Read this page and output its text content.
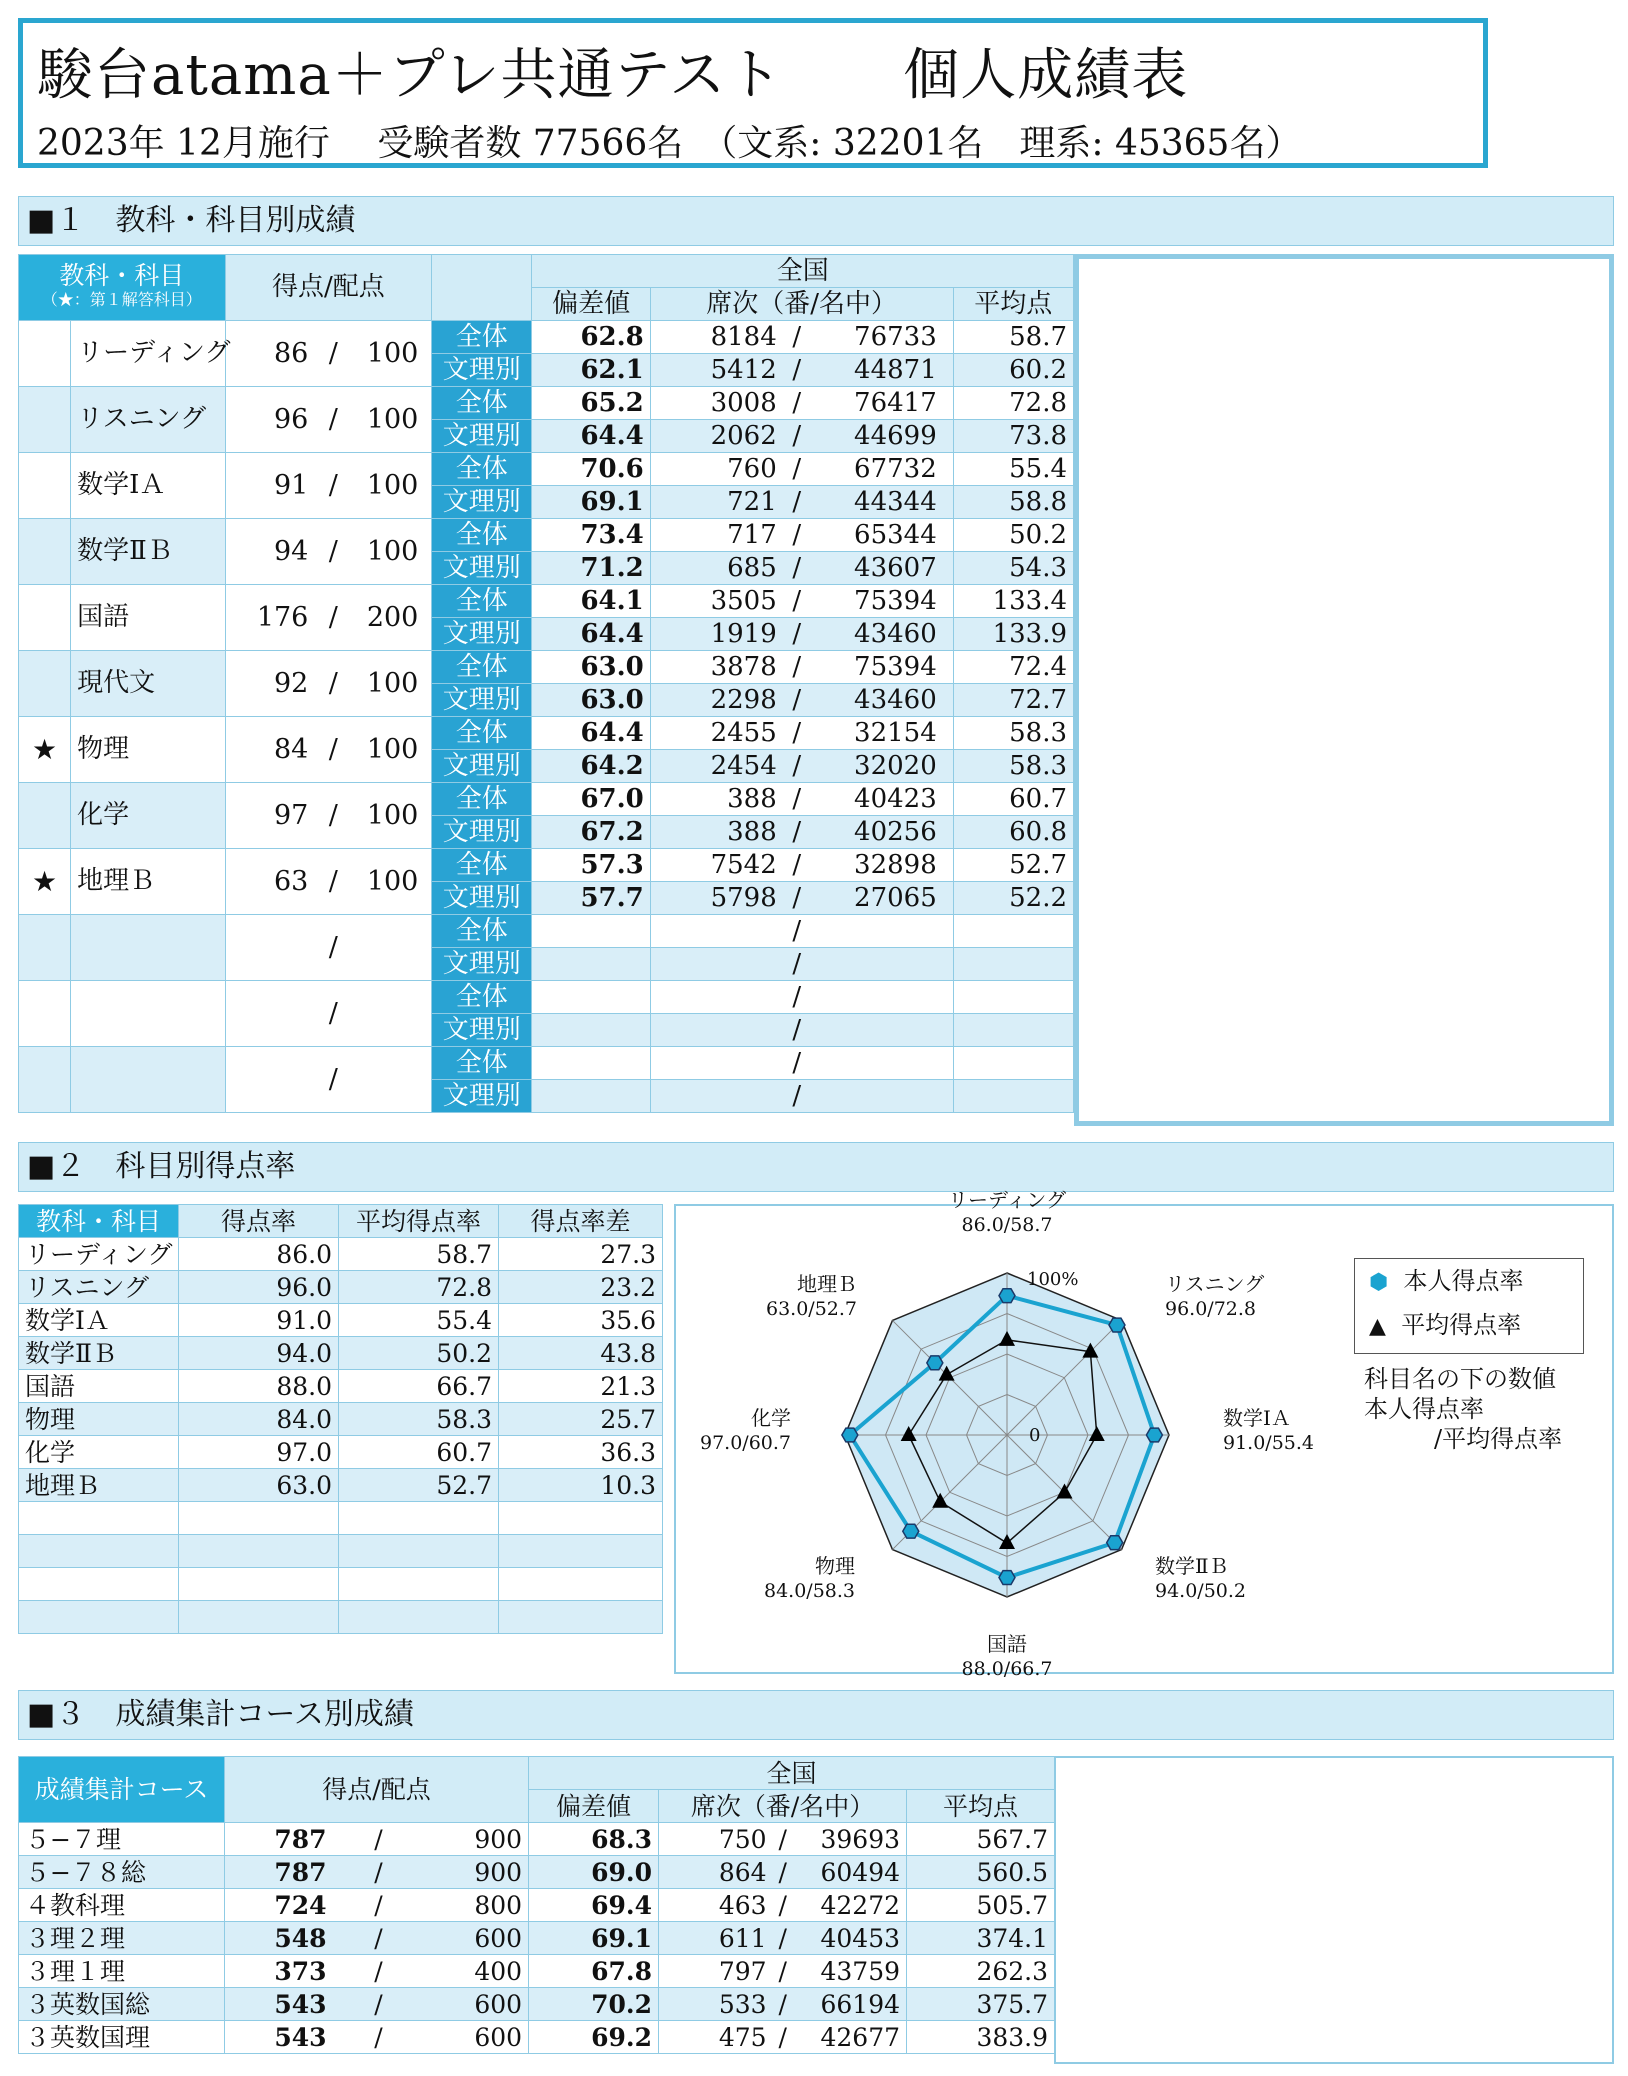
駿台atama＋プレ共通テスト 個人成績表
2023年 12月施行　 受験者数 77566名　（文系: 32201名　理系: 45365名）
■１　教科・科目別成績
教科・科目
（★：第１解答科目）		得点/配点		全国		
				偏差値	席次（番/名中）	平均点
	リーディング	86 / 100	全体	62.8	8184 / 76733	58.7
			文理別	62.1	5412 / 44871	60.2
	リスニング	96 / 100	全体	65.2	3008 / 76417	72.8
			文理別	64.4	2062 / 44699	73.8
	数学ⅠＡ	91 / 100	全体	70.6	760 / 67732	55.4
			文理別	69.1	721 / 44344	58.8
	数学ⅡＢ	94 / 100	全体	73.4	717 / 65344	50.2
			文理別	71.2	685 / 43607	54.3
	国語	176 / 200	全体	64.1	3505 / 75394	133.4
			文理別	64.4	1919 / 43460	133.9
	現代文	92 / 100	全体	63.0	3878 / 75394	72.4
			文理別	63.0	2298 / 43460	72.7
★	物理	84 / 100	全体	64.4	2455 / 32154	58.3
			文理別	64.2	2454 / 32020	58.3
	化学	97 / 100	全体	67.0	388 / 40423	60.7
			文理別	67.2	388 / 40256	60.8
★	地理Ｂ	63 / 100	全体	57.3	7542 / 32898	52.7
			文理別	57.7	5798 / 27065	52.2
		/	全体		/	
			文理別		/	
		/	全体		/	
			文理別		/	
		/	全体		/	
			文理別		/	
■２　科目別得点率
教科・科目	得点率	平均得点率	得点率差
リーディング	86.0	58.7	27.3
リスニング	96.0	72.8	23.2
数学ⅠＡ	91.0	55.4	35.6
数学ⅡＢ	94.0	50.2	43.8
国語	88.0	66.7	21.3
物理	84.0	58.3	25.7
化学	97.0	60.7	36.3
地理Ｂ	63.0	52.7	10.3

100%
0
リーディング
86.0/58.7
リスニング
96.0/72.8
数学ⅠＡ
91.0/55.4
数学ⅡＢ
94.0/50.2
国語
88.0/66.7
物理
84.0/58.3
化学
97.0/60.7
地理Ｂ
63.0/52.7
⬢ 本人得点率
▲ 平均得点率
科目名の下の数値
本人得点率
/平均得点率
■３　成績集計コース別成績
成績集計コース	得点/配点			全国			
				偏差値	席次（番/名中）		平均点
５−７理	787	/	900	68.3	750	/ 39693	567.7
５−７８総	787	/	900	69.0	864	/ 60494	560.5
４教科理	724	/	800	69.4	463	/ 42272	505.7
３理２理	548	/	600	69.1	611	/ 40453	374.1
３理１理	373	/	400	67.8	797	/ 43759	262.3
３英数国総	543	/	600	70.2	533	/ 66194	375.7
３英数国理	543	/	600	69.2	475	/ 42677	383.9
